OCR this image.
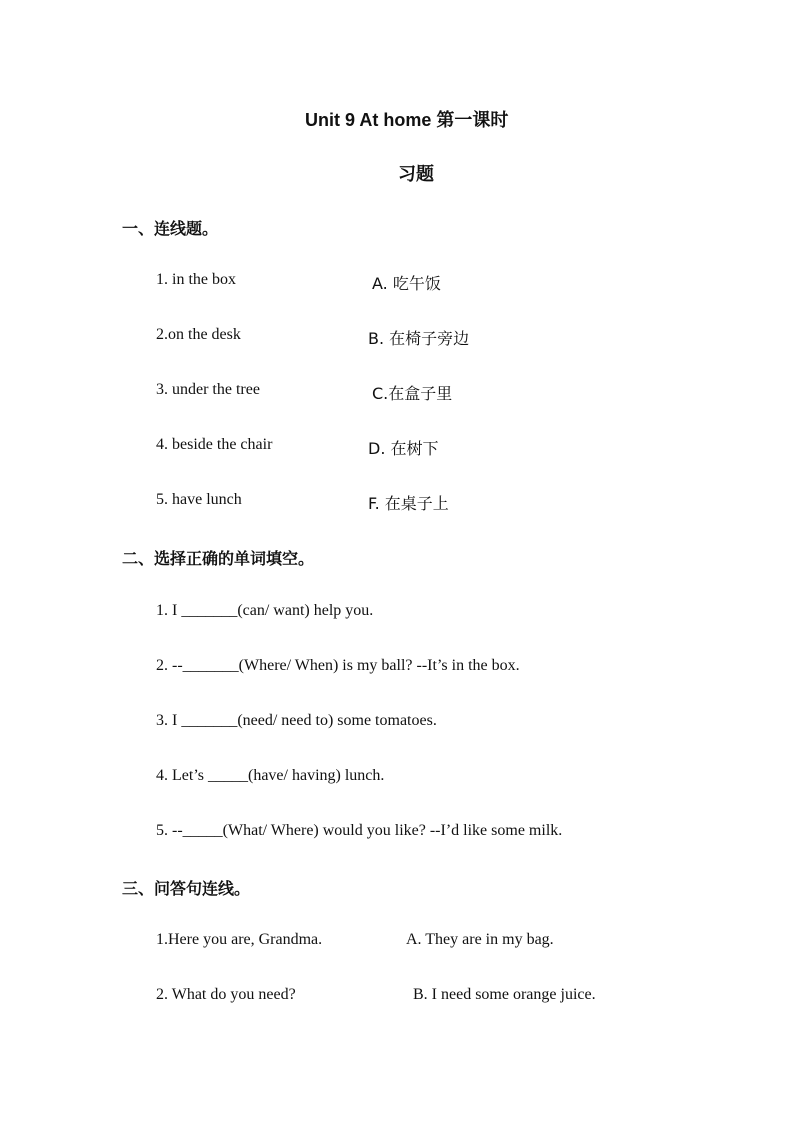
Unit 9 At home 第一课时
习题
一、连线题。
1. in the box	A. 吃午饭
2.on the desk	B. 在椅子旁边
3. under the tree	C.在盒子里
4. beside the chair	D. 在树下
5. have lunch	F. 在桌子上
二、选择正确的单词填空。
1. I _______(can/ want) help you.
2. --_______(Where/ When) is my ball? --It’s in the box.
3. I _______(need/ need to) some tomatoes.
4. Let’s _____(have/ having) lunch.
5. --_____(What/ Where) would you like? --I’d like some milk.
三、问答句连线。
1.Here you are, Grandma.	A. They are in my bag.
2. What do you need?	B. I need some orange juice.
